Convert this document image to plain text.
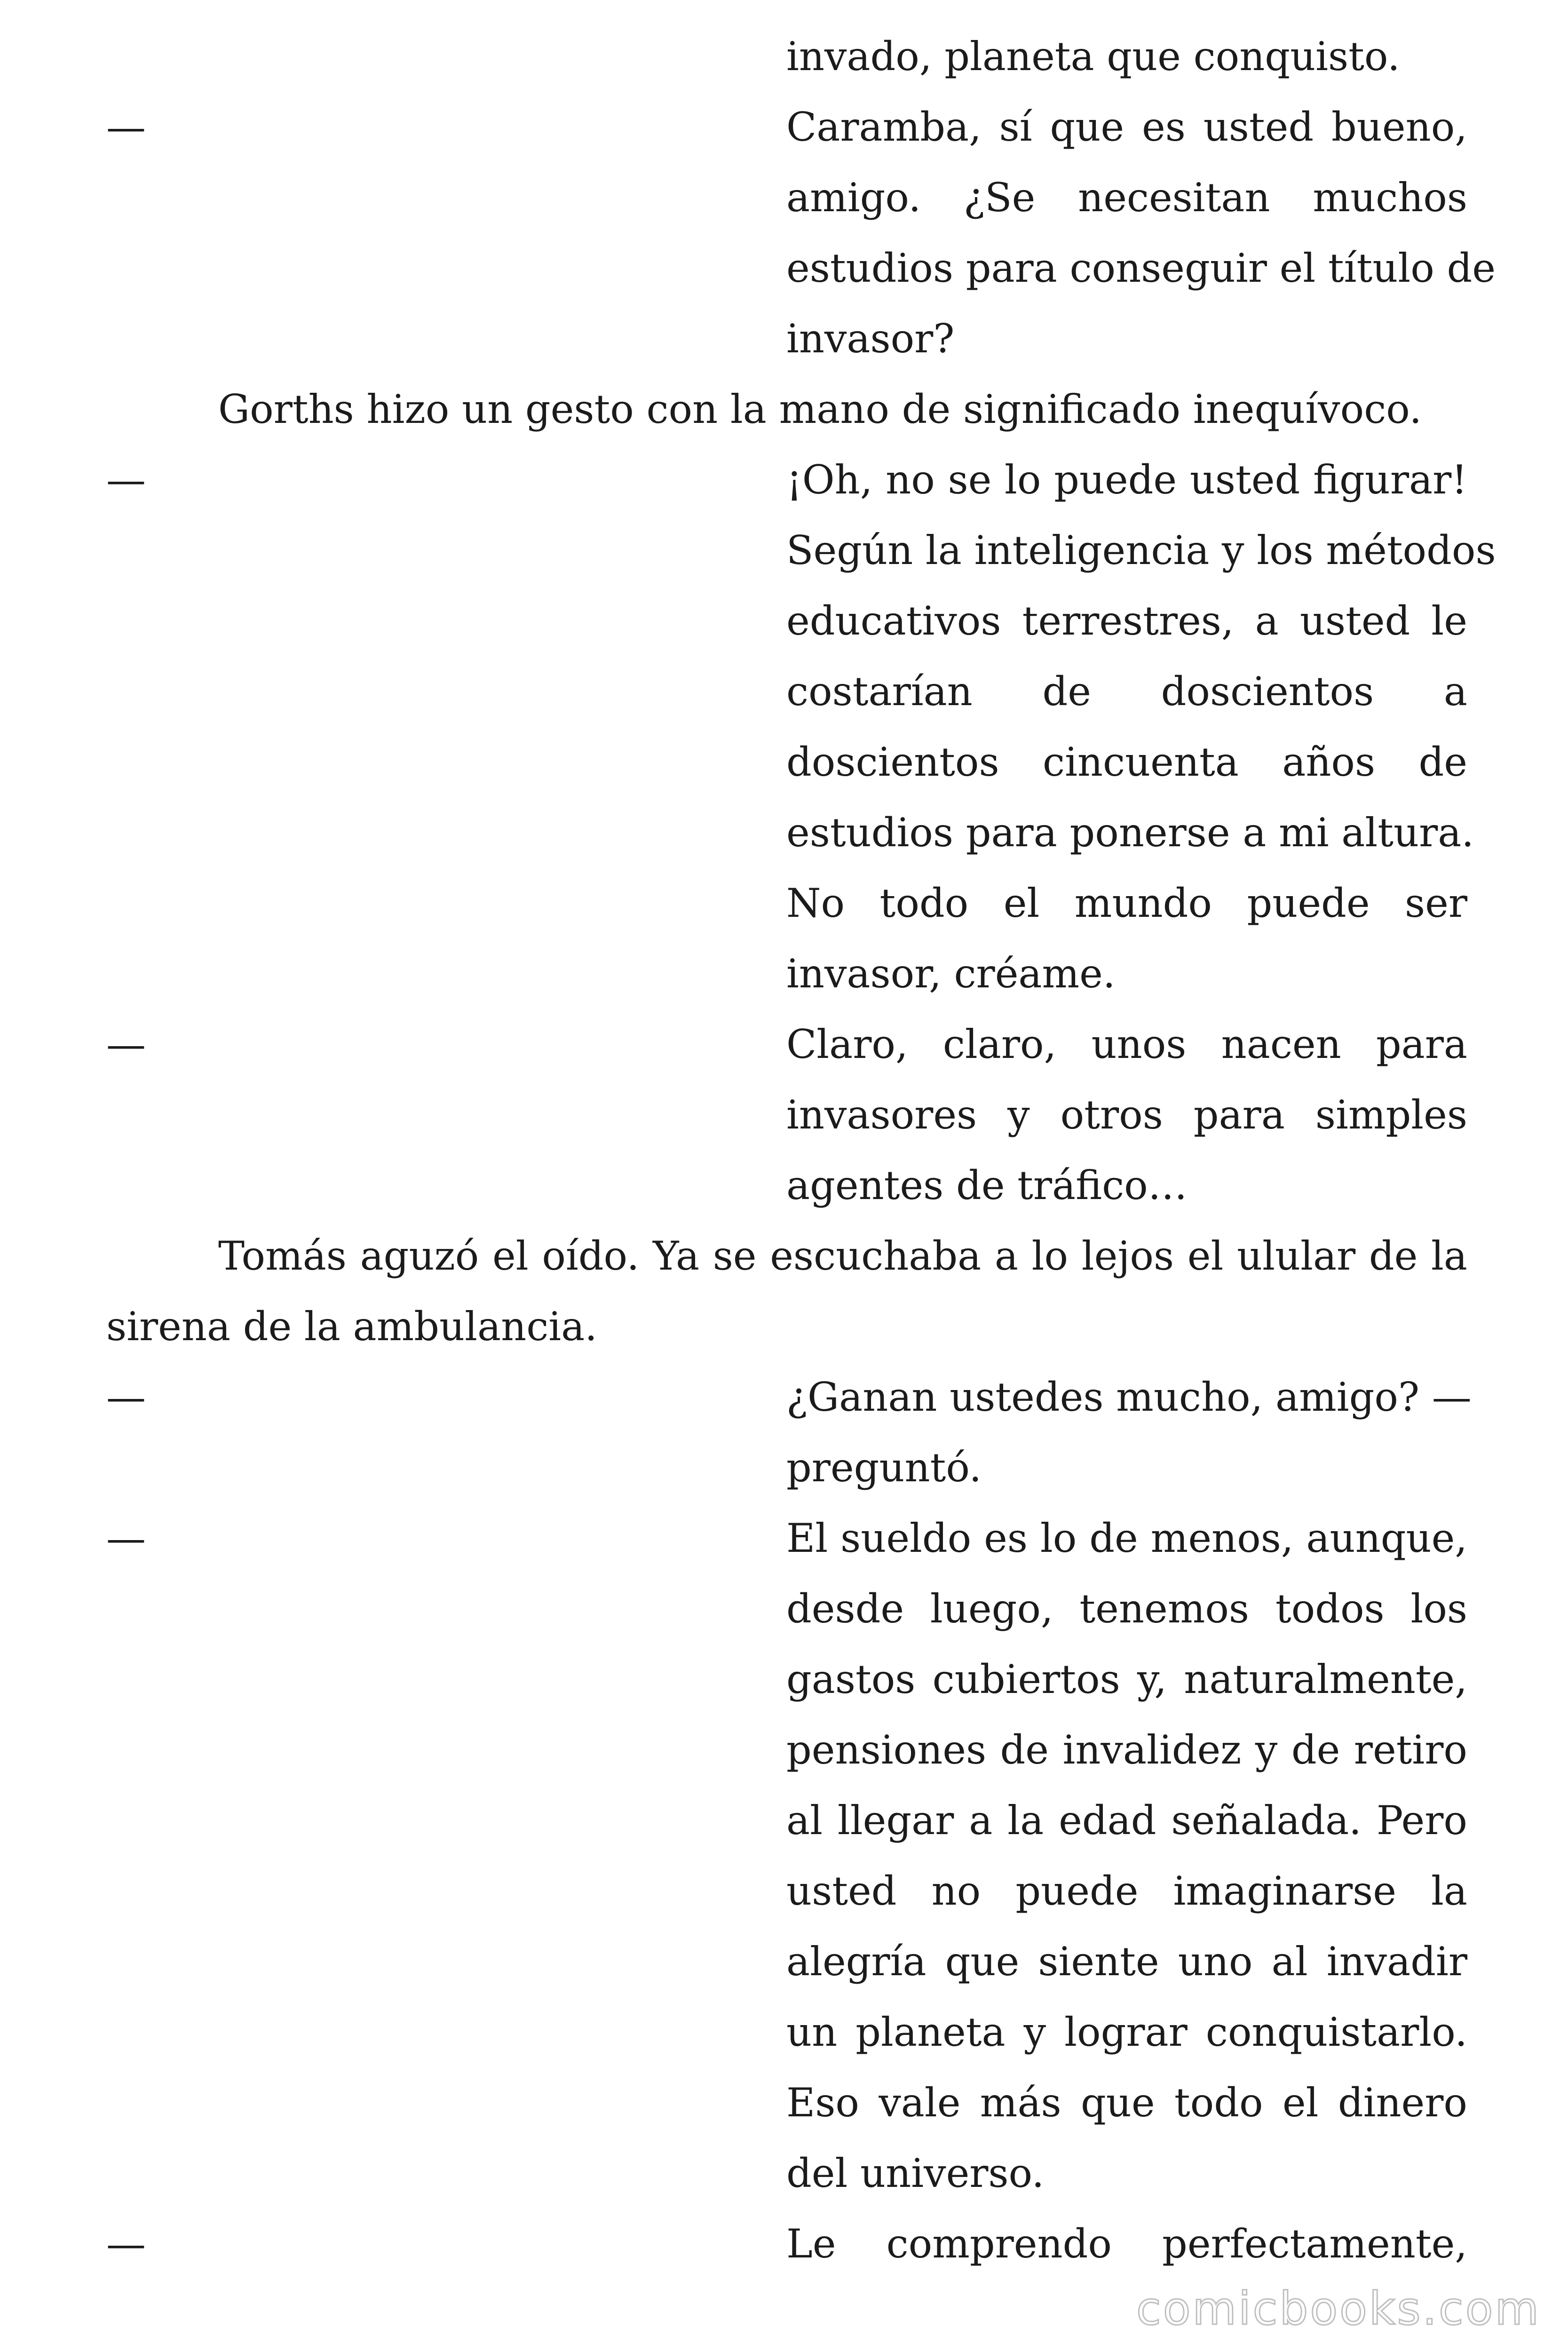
invado, planeta que conquisto.
—	Caramba, sí que es usted bueno,
amigo. ¿Se necesitan muchos
estudios para conseguir el título de
invasor?
Gorths hizo un gesto con la mano de significado inequívoco.
—	¡Oh, no se lo puede usted figurar!
Según la inteligencia y los métodos
educativos terrestres, a usted le
costarían de doscientos a
doscientos cincuenta años de
estudios para ponerse a mi altura.
No todo el mundo puede ser
invasor, créame.
—	Claro, claro, unos nacen para
invasores y otros para simples
agentes de tráfico…
Tomás aguzó el oído. Ya se escuchaba a lo lejos el ulular de la
sirena de la ambulancia.
—	¿Ganan ustedes mucho, amigo? —
preguntó.
—	El sueldo es lo de menos, aunque,
desde luego, tenemos todos los
gastos cubiertos y, naturalmente,
pensiones de invalidez y de retiro
al llegar a la edad señalada. Pero
usted no puede imaginarse la
alegría que siente uno al invadir
un planeta y lograr conquistarlo.
Eso vale más que todo el dinero
del universo.
—	Le comprendo perfectamente,
comicbooks.com
